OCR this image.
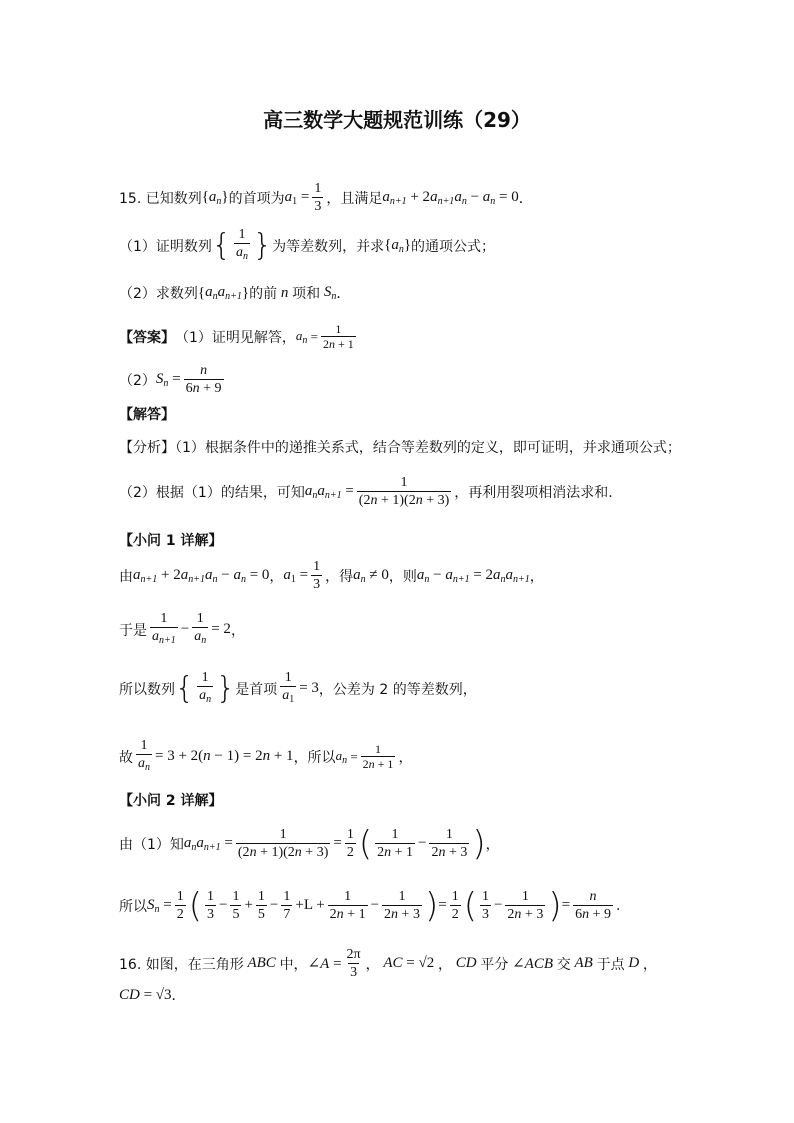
高三数学大题规范训练（29）
15. 已知数列 { $a_n$ } 的首项为 $a_1 = \frac{1}{3}$ ，且满足 $a_{n+1} + 2a_{n+1}a_n - a_n = 0$ ．
（1）证明数列 { $\frac{1}{a_n}$ } 为等差数列，并求 { $a_n$ } 的通项公式；
（2）求数列 { $a_na_{n+1}$ } 的前 n 项和 $S_n$ ．
【答案】 （1）证明见解答， $a_n = \frac{1}{2n + 1}$
（2） $S_n = \frac{n}{6n + 9}$
【解答】
【分析】（1）根据条件中的递推关系式，结合等差数列的定义，即可证明，并求通项公式；
（2）根据（1）的结果，可知 $a_na_{n+1} = \frac{1}{(2n + 1)(2n + 3)}$ ，再利用裂项相消法求和.
【小问 1 详解】
由 $a_{n+1} + 2a_{n+1}a_n - a_n = 0$ ， $a_1 = \frac{1}{3}$ ，得 $a_n \ne 0$ ，则 $a_n - a_{n+1} = 2a_na_{n+1}$ ，
于是 $\frac{1}{a_{n+1}} - \frac{1}{a_n} = 2$ ，
所以数列 { $\frac{1}{a_n}$ } 是首项 $\frac{1}{a_1} = 3$ ，公差为 2 的等差数列，
故 $\frac{1}{a_n} = 3 + 2(n - 1) = 2n + 1$ ，所以 $a_n = \frac{1}{2n + 1}$ ，
【小问 2 详解】
由（1）知 $a_na_{n+1} = \frac{1}{(2n + 1)(2n + 3)} = \frac{1}{2}$ ( $\frac{1}{2n + 1} - \frac{1}{2n + 3}$ ) ，
所以 $S_n = \frac{1}{2}$ ( $\frac{1}{3} - \frac{1}{5} + \frac{1}{5} - \frac{1}{7} +L + \frac{1}{2n + 1} - \frac{1}{2n + 3}$ ) = $\frac{1}{2}$ ( $\frac{1}{3} - \frac{1}{2n + 3}$ ) = $\frac{n}{6n + 9}$ .
16. 如图，在三角形 ABC 中， ∠A = $\frac{2\pi}{3}$ ， AC = √2 ， CD 平分 ∠ACB 交 AB 于点 D ，
CD = √3 ．
